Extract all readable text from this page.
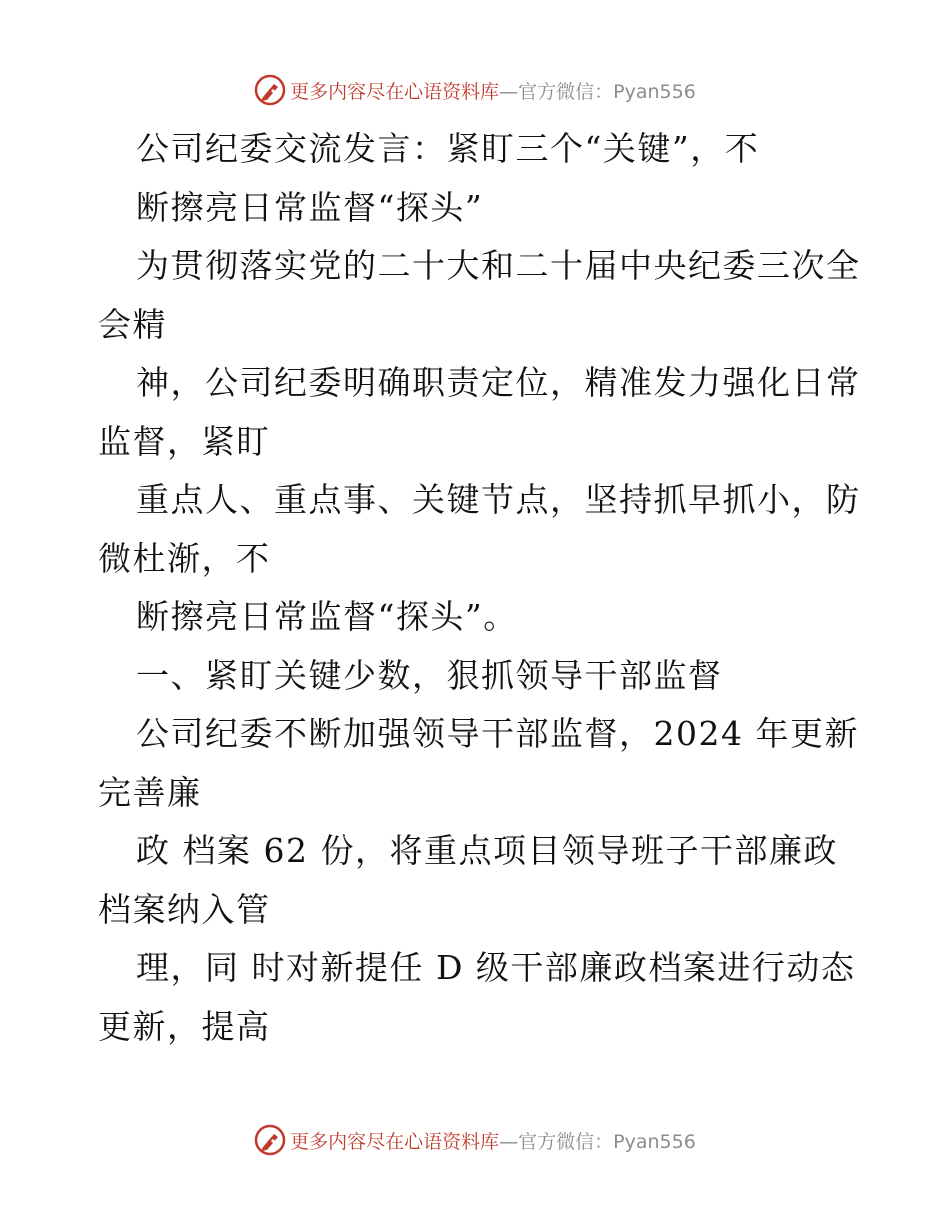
更多内容尽在心语资料库 —官方微信：Pyan556
公司纪委交流发言：紧盯三个“关键”，不
断擦亮日常监督“探头”
为贯彻落实党的二十大和二十届中央纪委三次全
会精
神，公司纪委明确职责定位，精准发力强化日常
监督，紧盯
重点人、重点事、关键节点，坚持抓早抓小，防
微杜渐，不
断擦亮日常监督“探头”。
一、紧盯关键少数，狠抓领导干部监督
公司纪委不断加强领导干部监督，2024 年更新
完善廉
政 档案 62 份，将重点项目领导班子干部廉政
档案纳入管
理，同 时对新提任 D 级干部廉政档案进行动态
更新，提高
更多内容尽在心语资料库 —官方微信：Pyan556
